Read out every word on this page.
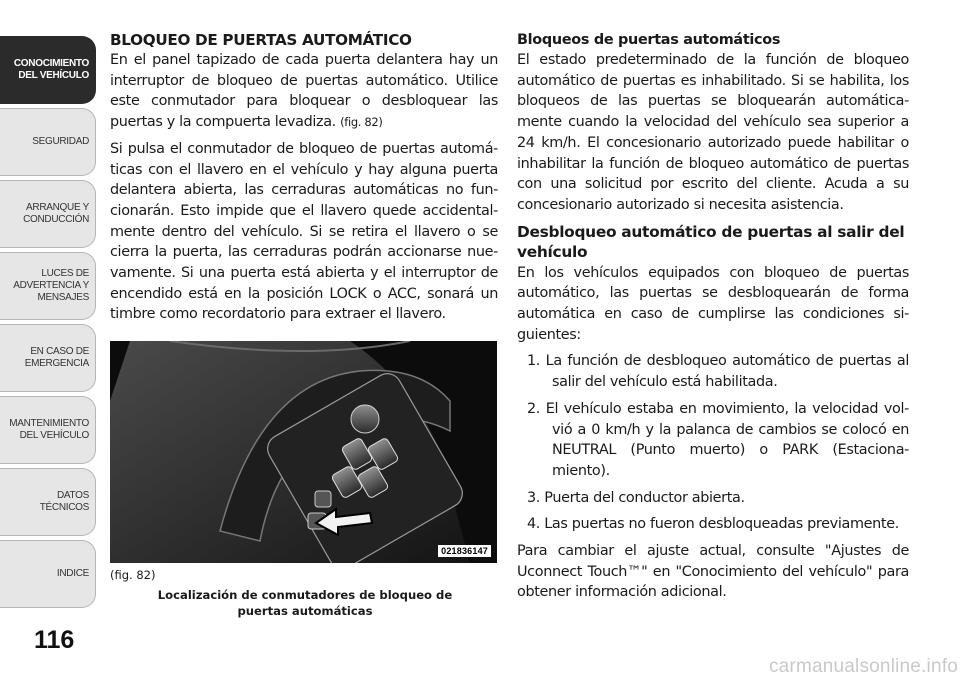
CONOCIMIENTO
DEL VEHÍCULO
SEGURIDAD
ARRANQUE Y
CONDUCCIÓN
LUCES DE
ADVERTENCIA Y
MENSAJES
EN CASO DE
EMERGENCIA
MANTENIMIENTO
DEL VEHÍCULO
DATOS
TÉCNICOS
INDICE
116
BLOQUEO DE PUERTAS AUTOMÁTICO

En el panel tapizado de cada puerta delantera hay un interruptor de bloqueo de puertas automático. Utilice este conmutador para bloquear o desbloquear las puertas y la compuerta levadiza. (fig. 82)

Si pulsa el conmutador de bloqueo de puertas automá-ticas con el llavero en el vehículo y hay alguna puerta delantera abierta, las cerraduras automáticas no fun-cionarán. Esto impide que el llavero quede accidental-mente dentro del vehículo. Si se retira el llavero o se cierra la puerta, las cerraduras podrán accionarse nue-vamente. Si una puerta está abierta y el interruptor de encendido está en la posición LOCK o ACC, sonará un timbre como recordatorio para extraer el llavero.

021836147
(fig. 82)
Localización de conmutadores de bloqueo de puertas automáticas
Bloqueos de puertas automáticos

El estado predeterminado de la función de bloqueo automático de puertas es inhabilitado. Si se habilita, los bloqueos de las puertas se bloquearán automática-mente cuando la velocidad del vehículo sea superior a 24 km/h. El concesionario autorizado puede habilitar o inhabilitar la función de bloqueo automático de puertas con una solicitud por escrito del cliente. Acuda a su concesionario autorizado si necesita asistencia.

Desbloqueo automático de puertas al salir del vehículo

En los vehículos equipados con bloqueo de puertas automático, las puertas se desbloquearán de forma automática en caso de cumplirse las condiciones si-guientes:

1. La función de desbloqueo automático de puertas al salir del vehículo está habilitada.
2. El vehículo estaba en movimiento, la velocidad vol-vió a 0 km/h y la palanca de cambios se colocó en NEUTRAL (Punto muerto) o PARK (Estaciona-miento).
3. Puerta del conductor abierta.
4. Las puertas no fueron desbloqueadas previamente.

Para cambiar el ajuste actual, consulte "Ajustes de Uconnect Touch™" en "Conocimiento del vehículo" para obtener información adicional.

carmanualsonline.info
